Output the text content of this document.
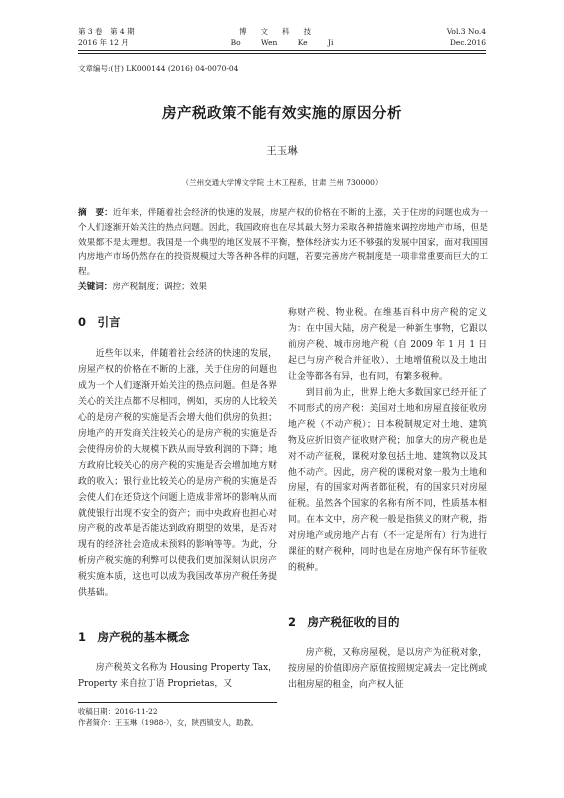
第 3 卷　第 4 期	博文科技	Vol.3 No.4
2016 年 12 月	Bo Wen Ke Ji	Dec.2016
文章编号:(甘) LK000144 (2016) 04-0070-04
房产税政策不能有效实施的原因分析
王玉琳
（兰州交通大学博文学院 土木工程系，甘肃 兰州 730000）
摘　要：近年来，伴随着社会经济的快速的发展，房屋产权的价格在不断的上涨，关于住房的问题也成为一个人们逐渐开始关注的热点问题。因此，我国政府也在尽其最大努力采取各种措施来调控房地产市场，但是效果都不是太理想。我国是一个典型的地区发展不平衡，整体经济实力还不够强的发展中国家，面对我国国内房地产市场仍然存在的投资规模过大等各种各样的问题，若要完善房产税制度是一项非常重要而巨大的工程。
关键词：房产税制度；调控；效果
0　引言

近些年以来，伴随着社会经济的快速的发展，房屋产权的价格在不断的上涨，关于住房的问题也成为一个人们逐渐开始关注的热点问题。但是各界关心的关注点都不尽相同，例如，买房的人比较关心的是房产税的实施是否会增大他们供房的负担；房地产的开发商关注较关心的是房产税的实施是否会使得房价的大规模下跌从而导致利润的下降；地方政府比较关心的房产税的实施是否会增加地方财政的收入；银行业比较关心的是房产税的实施是否会使人们在还贷这个问题上造成非常坏的影响从而就使银行出现不安全的资产；而中央政府也担心对房产税的改革是否能达到政府期望的效果，是否对现有的经济社会造成未预料的影响等等。为此，分析房产税实施的利弊可以使我们更加深刻认识房产税实施本质，这也可以成为我国改革房产税任务提供基础。

1　房产税的基本概念

房产税英文名称为 Housing Property Tax，Property 来自拉丁语 Proprietas，又

称财产税、物业税。在维基百科中房产税的定义为：在中国大陆，房产税是一种新生事物，它跟以前房产税、城市房地产税（自 2009 年 1 月 1 日起已与房产税合并征收）、土地增值税以及土地出让金等都各有异，也有同，有繁多税种。

到目前为止，世界上绝大多数国家已经开征了不同形式的房产税：美国对土地和房屋直接征收房地产税（不动产税）；日本税制规定对土地、建筑物及应折旧资产征收财产税；加拿大的房产税也是对不动产征税，课税对象包括土地、建筑物以及其他不动产。因此，房产税的课税对象一般为土地和房屋，有的国家对两者都征税，有的国家只对房屋征税。虽然各个国家的名称有所不同，性质基本相同。在本文中，房产税一般是指狭义的财产税，指对房地产或房地产占有（不一定是所有）行为进行课征的财产税种，同时也是在房地产保有环节征收的税种。

2　房产税征收的目的

房产税，又称房屋税，是以房产为征税对象，按房屋的价值即房产原值按照规定减去一定比例或出租房屋的租金，向产权人征

收稿日期：2016-11-22
作者简介：王玉琳（1988-），女，陕西镇安人，助教。
